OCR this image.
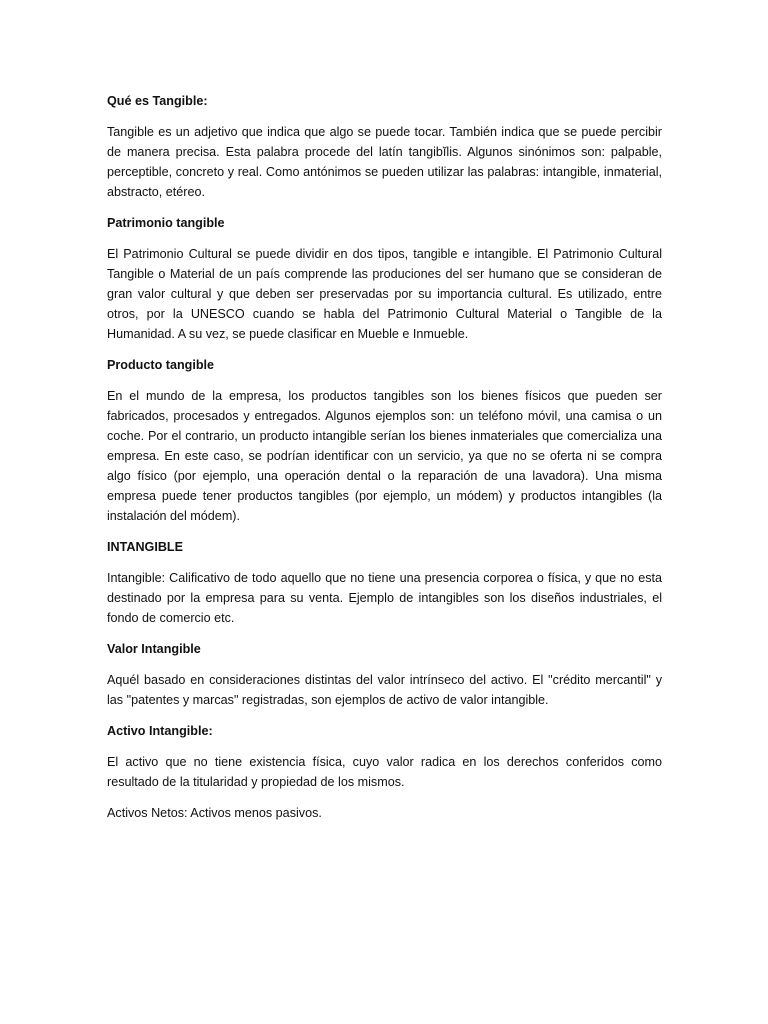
Qué es Tangible:

Tangible es un adjetivo que indica que algo se puede tocar. También indica que se puede percibir de manera precisa. Esta palabra procede del latín tangibĭlis. Algunos sinónimos son: palpable, perceptible, concreto y real. Como antónimos se pueden utilizar las palabras: intangible, inmaterial, abstracto, etéreo.

Patrimonio tangible

El Patrimonio Cultural se puede dividir en dos tipos, tangible e intangible. El Patrimonio Cultural Tangible o Material de un país comprende las produciones del ser humano que se consideran de gran valor cultural y que deben ser preservadas por su importancia cultural. Es utilizado, entre otros, por la UNESCO cuando se habla del Patrimonio Cultural Material o Tangible de la Humanidad. A su vez, se puede clasificar en Mueble e Inmueble.

Producto tangible

En el mundo de la empresa, los productos tangibles son los bienes físicos que pueden ser fabricados, procesados y entregados. Algunos ejemplos son: un teléfono móvil, una camisa o un coche. Por el contrario, un producto intangible serían los bienes inmateriales que comercializa una empresa. En este caso, se podrían identificar con un servicio, ya que no se oferta ni se compra algo físico (por ejemplo, una operación dental o la reparación de una lavadora). Una misma empresa puede tener productos tangibles (por ejemplo, un módem) y productos intangibles (la instalación del módem).

INTANGIBLE

Intangible: Calificativo de todo aquello que no tiene una presencia corporea o física, y que no esta destinado por la empresa para su venta. Ejemplo de intangibles son los diseños industriales, el fondo de comercio etc.

Valor Intangible

Aquél basado en consideraciones distintas del valor intrínseco del activo. El "crédito mercantil" y las "patentes y marcas" registradas, son ejemplos de activo de valor intangible.

Activo Intangible:

El activo que no tiene existencia física, cuyo valor radica en los derechos conferidos como resultado de la titularidad y propiedad de los mismos.

Activos Netos: Activos menos pasivos.
